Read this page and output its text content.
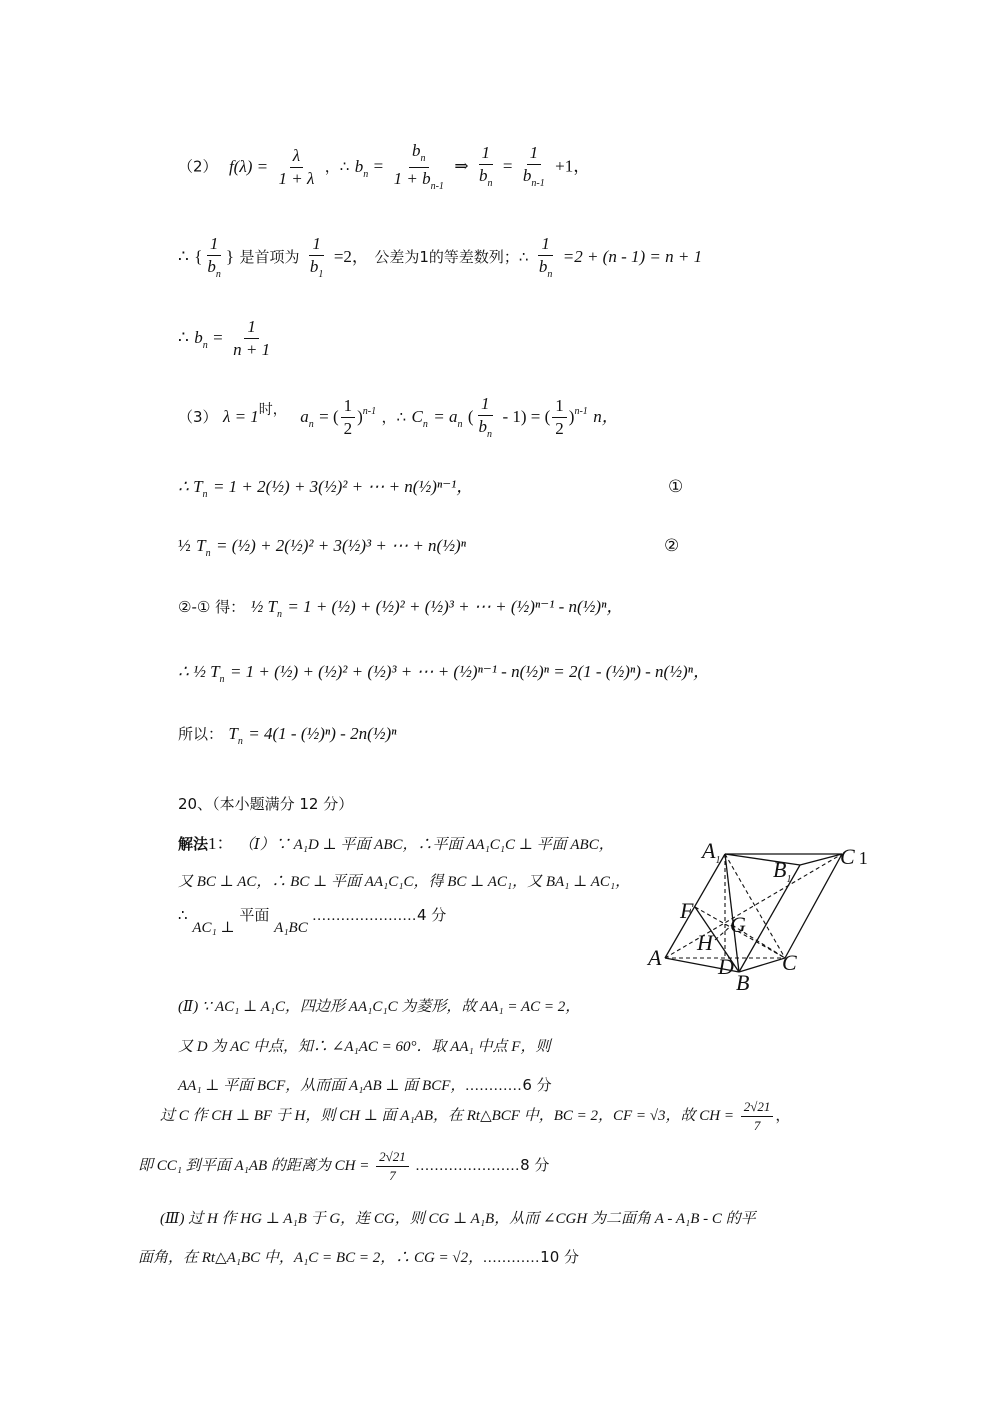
（2） $f(\lambda) = \frac{\lambda}{1 + \lambda}$ ，∴ $b_n = \frac{b_n}{1 + b_{n-1}}$ ⇒ $\frac{1}{b_n} = \frac{1}{b_{n-1}} +1$，
∴ { $\frac{1}{b_n}$ } 是首项为 $\frac{1}{b_1} =2$， 公差为1的等差数列；∴ $\frac{1}{b_n} =2 + (n - 1) = n + 1$
∴ $b_n = \frac{1}{n + 1}$
（3） $\lambda = 1^{时,}$ $a_n$ = ( $\frac{1}{2} )^{n-1}$ ，∴ $C_n = a_n$ ( $\frac{1}{b_n} - 1$) = ( $\frac{1}{2} )^{n-1}$ n，
∴ $T_n = 1$ + 2(½) + 3(½)² + ⋯ + n(½)ⁿ⁻¹，	①
½ $T_n$ = (½) + 2(½)² + 3(½)³ + ⋯ + n(½)ⁿ	②
②-① 得： ½ $T_n = 1$ + (½) + (½)² + (½)³ + ⋯ + (½)ⁿ⁻¹ - n(½)ⁿ，
∴ ½ $T_n = 1$ + (½) + (½)² + (½)³ + ⋯ + (½)ⁿ⁻¹ - n(½)ⁿ = 2(1 - (½)ⁿ) - n(½)ⁿ，
所以： $T_n = 4(1$ - (½)ⁿ) - 2n(½)ⁿ
20、（本小题满分 12 分）
解法1： （Ⅰ）∵ A₁D ⊥ 平面 ABC，∴平面 AA₁C₁C ⊥ 平面 ABC，
又 BC ⊥ AC，∴ BC ⊥ 平面 AA₁C₁C，得 BC ⊥ AC₁，又 BA₁ ⊥ AC₁，
∴ AC₁ ⊥ 平面 A₁BC ......................4 分
(Ⅱ) ∵ AC₁ ⊥ A₁C，四边形 AA₁C₁C 为菱形，故 AA₁ = AC = 2，
又 D 为 AC 中点，知∴ ∠A₁AC = 60°．取 AA₁ 中点 F，则
AA₁ ⊥ 平面 BCF，从而面 A₁AB ⊥ 面 BCF，............6 分
过 C 作 CH ⊥ BF 于 H，则 CH ⊥ 面 A₁AB，在 Rt△BCF 中，BC = 2，CF = √3，故 CH = $\frac{2√21}{7}$ ，
即 CC₁ 到平面 A₁AB 的距离为 CH = $\frac{2√21}{7} ......................8$ 分
(Ⅲ) 过 H 作 HG ⊥ A₁B 于 G，连 CG，则 CG ⊥ A₁B，从而 ∠CGH 为二面角 A - A₁B - C 的平
面角，在 Rt△A₁BC 中，A₁C = BC = 2，∴ CG = √2，............10 分
$A_1$ $B_1$
C 1
F
G
H
A	D
B
C
